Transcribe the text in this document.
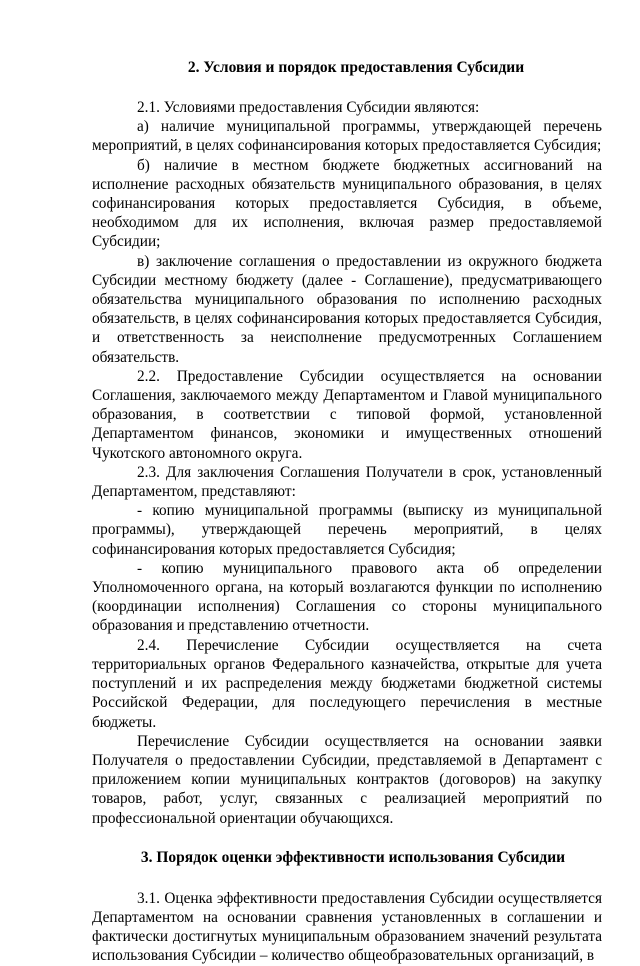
2. Условия и порядок предоставления Субсидии

2.1. Условиями предоставления Субсидии являются:

а) наличие муниципальной программы, утверждающей перечень мероприятий, в целях софинансирования которых предоставляется Субсидия;

б) наличие в местном бюджете бюджетных ассигнований на исполнение расходных обязательств муниципального образования, в целях софинансирования которых предоставляется Субсидия, в объеме, необходимом для их исполнения, включая размер предоставляемой Субсидии;

в) заключение соглашения о предоставлении из окружного бюджета Субсидии местному бюджету (далее - Соглашение), предусматривающего обязательства муниципального образования по исполнению расходных обязательств, в целях софинансирования которых предоставляется Субсидия, и ответственность за неисполнение предусмотренных Соглашением обязательств.

2.2. Предоставление Субсидии осуществляется на основании Соглашения, заключаемого между Департаментом и Главой муниципального образования, в соответствии с типовой формой, установленной Департаментом финансов, экономики и имущественных отношений Чукотского автономного округа.

2.3. Для заключения Соглашения Получатели в срок, установленный Департаментом, представляют:

- копию муниципальной программы (выписку из муниципальной программы), утверждающей перечень мероприятий, в целях софинансирования которых предоставляется Субсидия;

- копию муниципального правового акта об определении Уполномоченного органа, на который возлагаются функции по исполнению (координации исполнения) Соглашения со стороны муниципального образования и представлению отчетности.

2.4. Перечисление Субсидии осуществляется на счета территориальных органов Федерального казначейства, открытые для учета поступлений и их распределения между бюджетами бюджетной системы Российской Федерации, для последующего перечисления в местные бюджеты.

Перечисление Субсидии осуществляется на основании заявки Получателя о предоставлении Субсидии, представляемой в Департамент с приложением копии муниципальных контрактов (договоров) на закупку товаров, работ, услуг, связанных с реализацией мероприятий по профессиональной ориентации обучающихся.

3. Порядок оценки эффективности использования Субсидии

3.1. Оценка эффективности предоставления Субсидии осуществляется Департаментом на основании сравнения установленных в соглашении и фактически достигнутых муниципальным образованием значений результата использования Субсидии – количество общеобразовательных организаций, в
